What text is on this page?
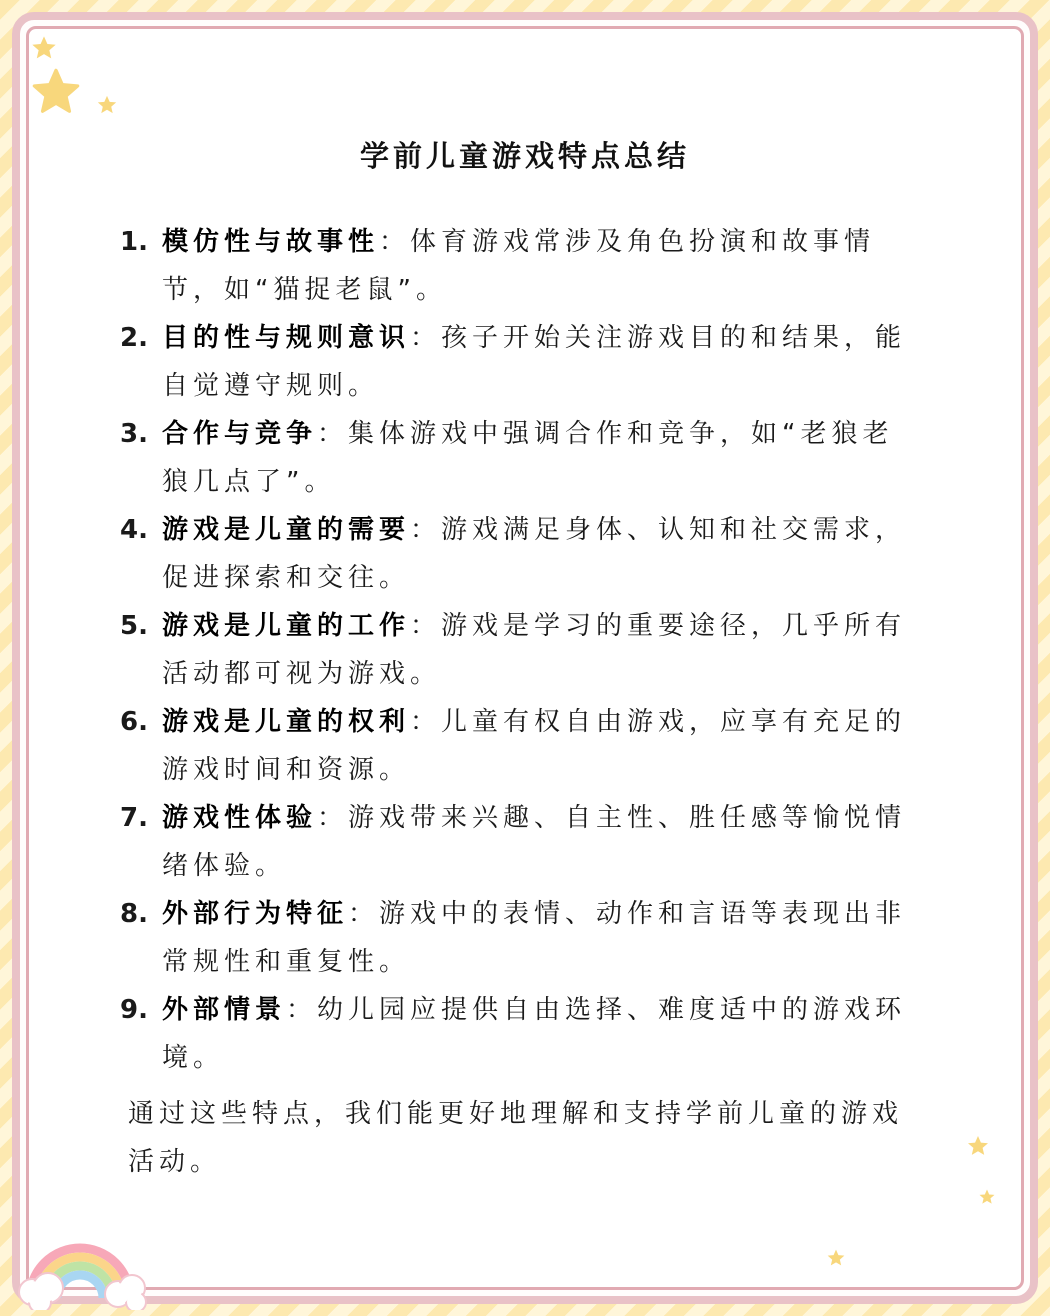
学前儿童游戏特点总结
1. 模仿性与故事性：体育游戏常涉及角色扮演和故事情节，如“猫捉老鼠”。
2. 目的性与规则意识：孩子开始关注游戏目的和结果，能自觉遵守规则。
3. 合作与竞争：集体游戏中强调合作和竞争，如“老狼老狼几点了”。
4. 游戏是儿童的需要：游戏满足身体、认知和社交需求，促进探索和交往。
5. 游戏是儿童的工作：游戏是学习的重要途径，几乎所有活动都可视为游戏。
6. 游戏是儿童的权利：儿童有权自由游戏，应享有充足的游戏时间和资源。
7. 游戏性体验：游戏带来兴趣、自主性、胜任感等愉悦情绪体验。
8. 外部行为特征：游戏中的表情、动作和言语等表现出非常规性和重复性。
9. 外部情景：幼儿园应提供自由选择、难度适中的游戏环境。
通过这些特点，我们能更好地理解和支持学前儿童的游戏活动。
